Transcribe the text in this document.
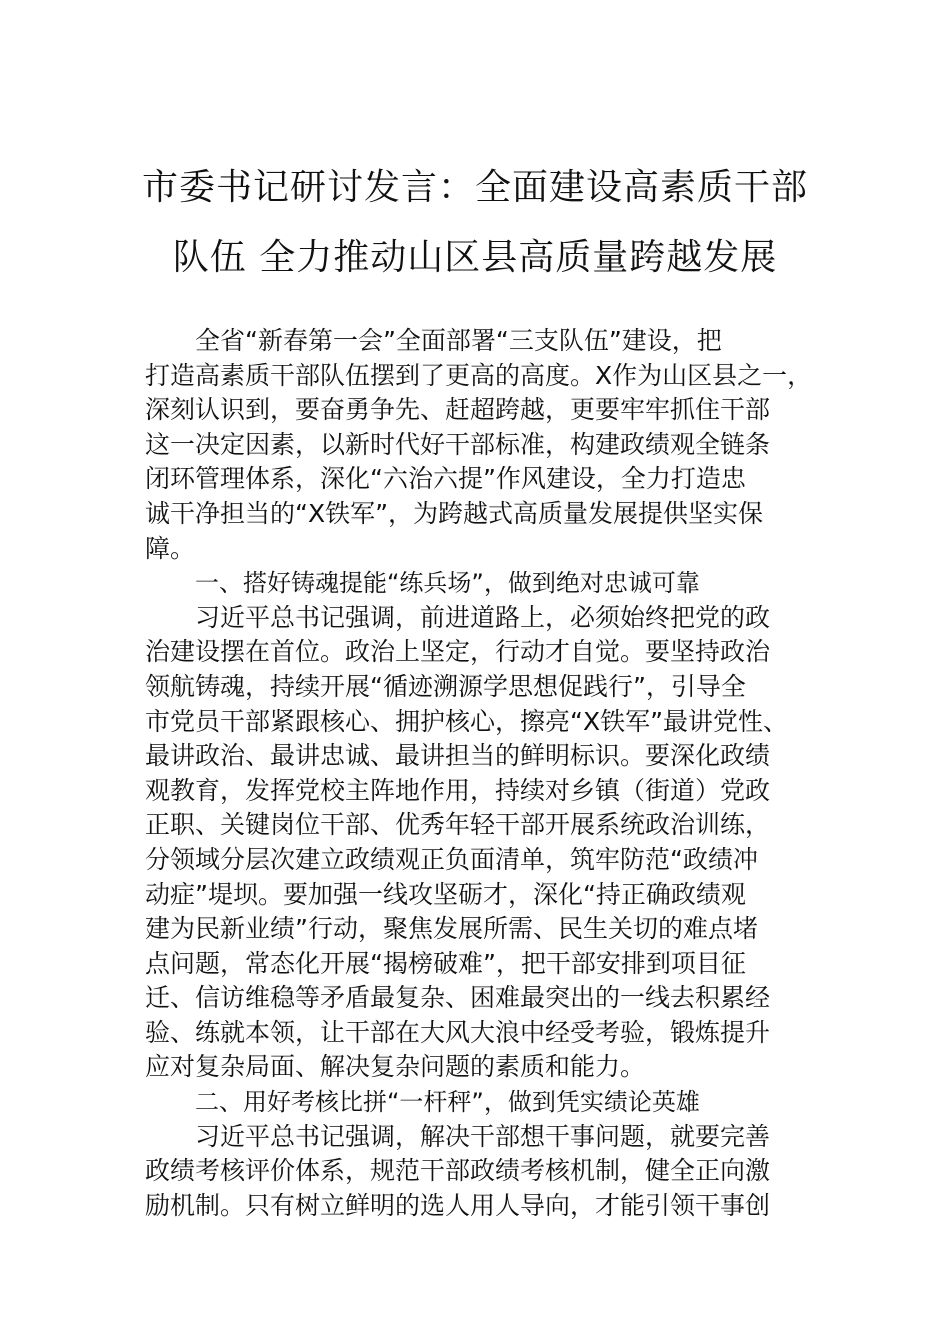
市委书记研讨发言：全面建设高素质干部
队伍 全力推动山区县高质量跨越发展
全省“新春第一会”全面部署“三支队伍”建设，把
打造高素质干部队伍摆到了更高的高度。X作为山区县之一，
深刻认识到，要奋勇争先、赶超跨越，更要牢牢抓住干部
这一决定因素，以新时代好干部标准，构建政绩观全链条
闭环管理体系，深化“六治六提”作风建设，全力打造忠
诚干净担当的“X铁军”，为跨越式高质量发展提供坚实保
障。
一、搭好铸魂提能“练兵场”，做到绝对忠诚可靠
习近平总书记强调，前进道路上，必须始终把党的政
治建设摆在首位。政治上坚定，行动才自觉。要坚持政治
领航铸魂，持续开展“循迹溯源学思想促践行”，引导全
市党员干部紧跟核心、拥护核心，擦亮“X铁军”最讲党性、
最讲政治、最讲忠诚、最讲担当的鲜明标识。要深化政绩
观教育，发挥党校主阵地作用，持续对乡镇（街道）党政
正职、关键岗位干部、优秀年轻干部开展系统政治训练，
分领域分层次建立政绩观正负面清单，筑牢防范“政绩冲
动症”堤坝。要加强一线攻坚砺才，深化“持正确政绩观
建为民新业绩”行动，聚焦发展所需、民生关切的难点堵
点问题，常态化开展“揭榜破难”，把干部安排到项目征
迁、信访维稳等矛盾最复杂、困难最突出的一线去积累经
验、练就本领，让干部在大风大浪中经受考验，锻炼提升
应对复杂局面、解决复杂问题的素质和能力。
二、用好考核比拼“一杆秤”，做到凭实绩论英雄
习近平总书记强调，解决干部想干事问题，就要完善
政绩考核评价体系，规范干部政绩考核机制，健全正向激
励机制。只有树立鲜明的选人用人导向，才能引领干事创
